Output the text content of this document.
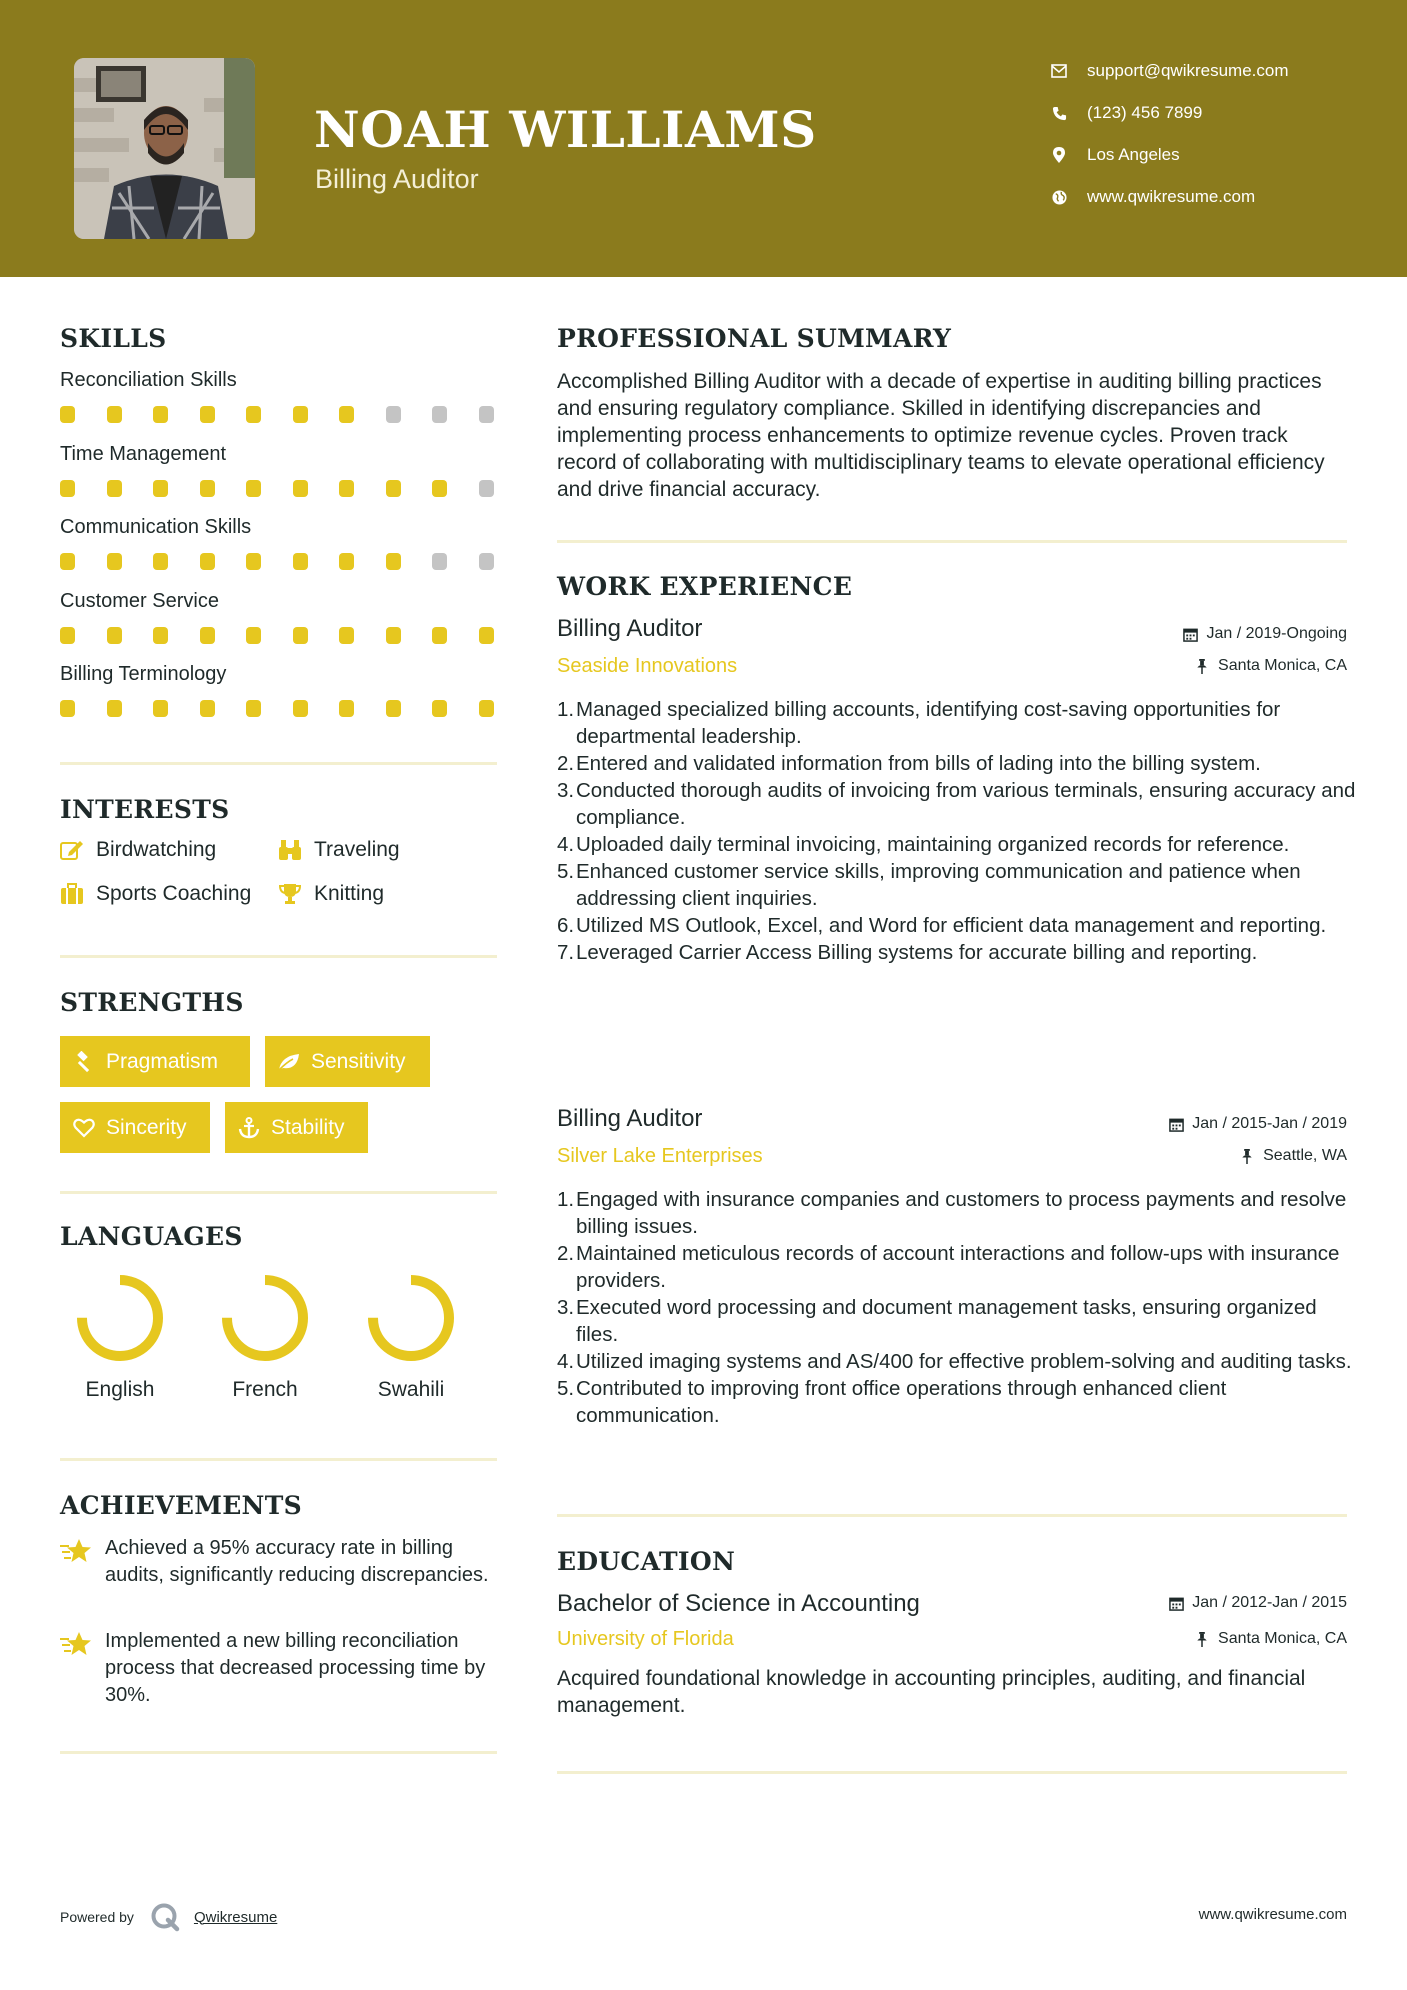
NOAH WILLIAMS
Billing Auditor
support@qwikresume.com
(123) 456 7899
Los Angeles
www.qwikresume.com
SKILLS
Reconciliation Skills
Time Management
Communication Skills
Customer Service
Billing Terminology
INTERESTS
Birdwatching	Traveling
Sports Coaching	Knitting
STRENGTHS
Pragmatism	Sensitivity
Sincerity	Stability
LANGUAGES
English	French	Swahili
ACHIEVEMENTS
Achieved a 95% accuracy rate in billing audits, significantly reducing discrepancies.
Implemented a new billing reconciliation process that decreased processing time by 30%.
PROFESSIONAL SUMMARY
Accomplished Billing Auditor with a decade of expertise in auditing billing practices and ensuring regulatory compliance. Skilled in identifying discrepancies and implementing process enhancements to optimize revenue cycles. Proven track record of collaborating with multidisciplinary teams to elevate operational efficiency and drive financial accuracy.
WORK EXPERIENCE
Billing Auditor	Jan / 2019-Ongoing
Seaside Innovations	Santa Monica, CA
1. Managed specialized billing accounts, identifying cost-saving opportunities for departmental leadership.
2. Entered and validated information from bills of lading into the billing system.
3. Conducted thorough audits of invoicing from various terminals, ensuring accuracy and compliance.
4. Uploaded daily terminal invoicing, maintaining organized records for reference.
5. Enhanced customer service skills, improving communication and patience when addressing client inquiries.
6. Utilized MS Outlook, Excel, and Word for efficient data management and reporting.
7. Leveraged Carrier Access Billing systems for accurate billing and reporting.
Billing Auditor	Jan / 2015-Jan / 2019
Silver Lake Enterprises	Seattle, WA
1. Engaged with insurance companies and customers to process payments and resolve billing issues.
2. Maintained meticulous records of account interactions and follow-ups with insurance providers.
3. Executed word processing and document management tasks, ensuring organized files.
4. Utilized imaging systems and AS/400 for effective problem-solving and auditing tasks.
5. Contributed to improving front office operations through enhanced client communication.
EDUCATION
Bachelor of Science in Accounting	Jan / 2012-Jan / 2015
University of Florida	Santa Monica, CA
Acquired foundational knowledge in accounting principles, auditing, and financial management.
Powered by	Qwikresume	www.qwikresume.com
